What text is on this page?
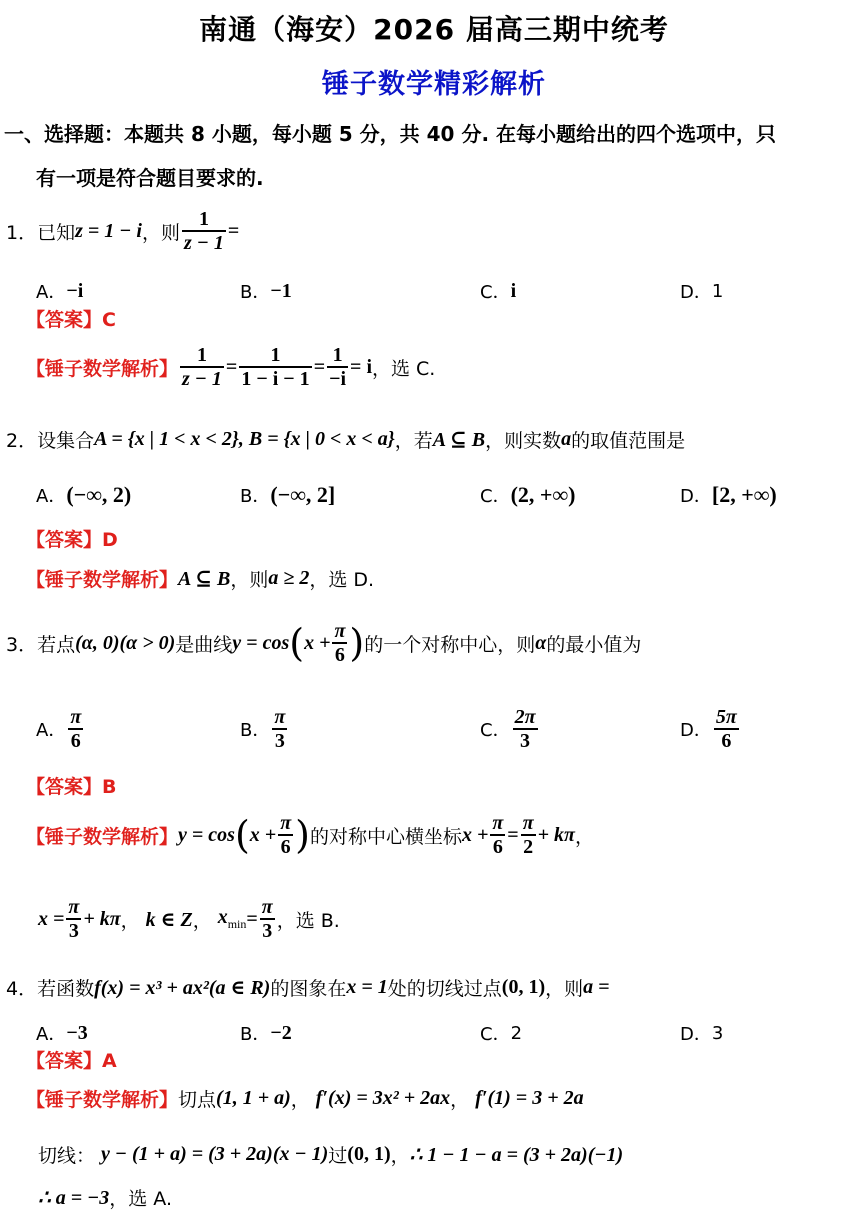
南通（海安）2026 届高三期中统考
锤子数学精彩解析
一、选择题：本题共 8 小题，每小题 5 分，共 40 分. 在每小题给出的四个选项中，只
有一项是符合题目要求的.
1． 已知 z = 1 − i ，则 $\frac{1}{z - 1}$ =
A． −i	B． −1	C． i	D． 1
【答案】C
【锤子数学解析】 $\frac{1}{z - 1} = \frac{1}{1 - i - 1} = \frac{1}{-i} = i$ ，选 C.
2． 设集合 A = {x | 1 < x < 2}, B = {x | 0 < x < a} ，若 A ⊆ B ，则实数 a 的取值范围是
A． (−∞, 2)	B． (−∞, 2]	C． (2, +∞)	D． [2, +∞)
【答案】D
【锤子数学解析】 A ⊆ B ，则 a ≥ 2 ，选 D.
3． 若点 (α, 0)(α > 0) 是曲线 y = cos ( $x + \frac{\pi}{6}$ ) 的一个对称中心，则 α 的最小值为
A． $\frac{\pi}{6}$	B． $\frac{\pi}{3}$	C． $\frac{2\pi}{3}$	D． $\frac{5\pi}{6}$
【答案】B
【锤子数学解析】 y = cos ( $x + \frac{\pi}{6}$ ) 的对称中心横坐标 $x + \frac{\pi}{6} = \frac{\pi}{2} + k\pi$ ，
$x = \frac{\pi}{3} + k\pi$ ， k ∈ Z ， $x_{min} = \frac{\pi}{3}$ ，选 B.
4． 若函数 f(x) = x³ + ax²(a ∈ R) 的图象在 x = 1 处的切线过点 (0, 1) ，则 a =
A． −3	B． −2	C． 2	D． 3
【答案】A
【锤子数学解析】 切点 (1, 1 + a) ， f′(x) = 3x² + 2ax ， f′(1) = 3 + 2a
切线： y − (1 + a) = (3 + 2a)(x − 1) 过 (0, 1) ， ∴ 1 − 1 − a = (3 + 2a)(−1)
∴ a = −3 ，选 A.
